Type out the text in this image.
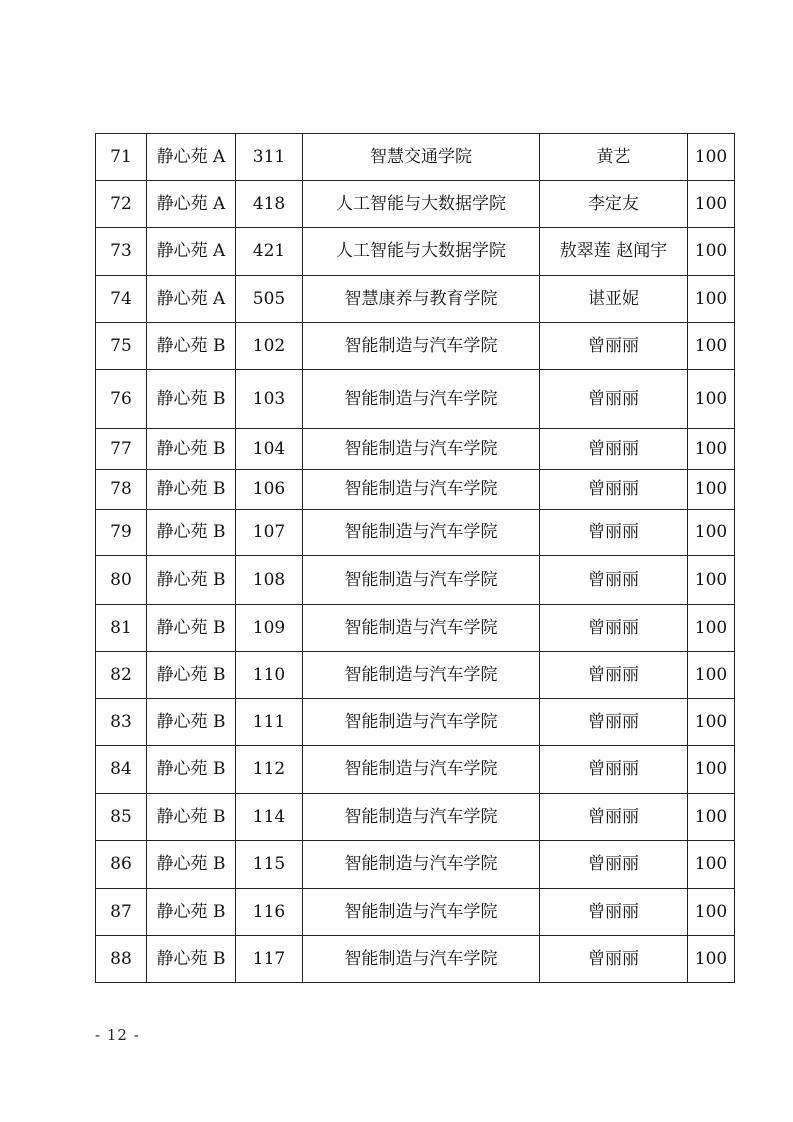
71	静心苑 A	311	智慧交通学院	黄艺	100
72	静心苑 A	418	人工智能与大数据学院	李定友	100
73	静心苑 A	421	人工智能与大数据学院	敖翠莲 赵闻宇	100
74	静心苑 A	505	智慧康养与教育学院	谌亚妮	100
75	静心苑 B	102	智能制造与汽车学院	曾丽丽	100
76	静心苑 B	103	智能制造与汽车学院	曾丽丽	100
77	静心苑 B	104	智能制造与汽车学院	曾丽丽	100
78	静心苑 B	106	智能制造与汽车学院	曾丽丽	100
79	静心苑 B	107	智能制造与汽车学院	曾丽丽	100
80	静心苑 B	108	智能制造与汽车学院	曾丽丽	100
81	静心苑 B	109	智能制造与汽车学院	曾丽丽	100
82	静心苑 B	110	智能制造与汽车学院	曾丽丽	100
83	静心苑 B	111	智能制造与汽车学院	曾丽丽	100
84	静心苑 B	112	智能制造与汽车学院	曾丽丽	100
85	静心苑 B	114	智能制造与汽车学院	曾丽丽	100
86	静心苑 B	115	智能制造与汽车学院	曾丽丽	100
87	静心苑 B	116	智能制造与汽车学院	曾丽丽	100
88	静心苑 B	117	智能制造与汽车学院	曾丽丽	100
- 12 -
